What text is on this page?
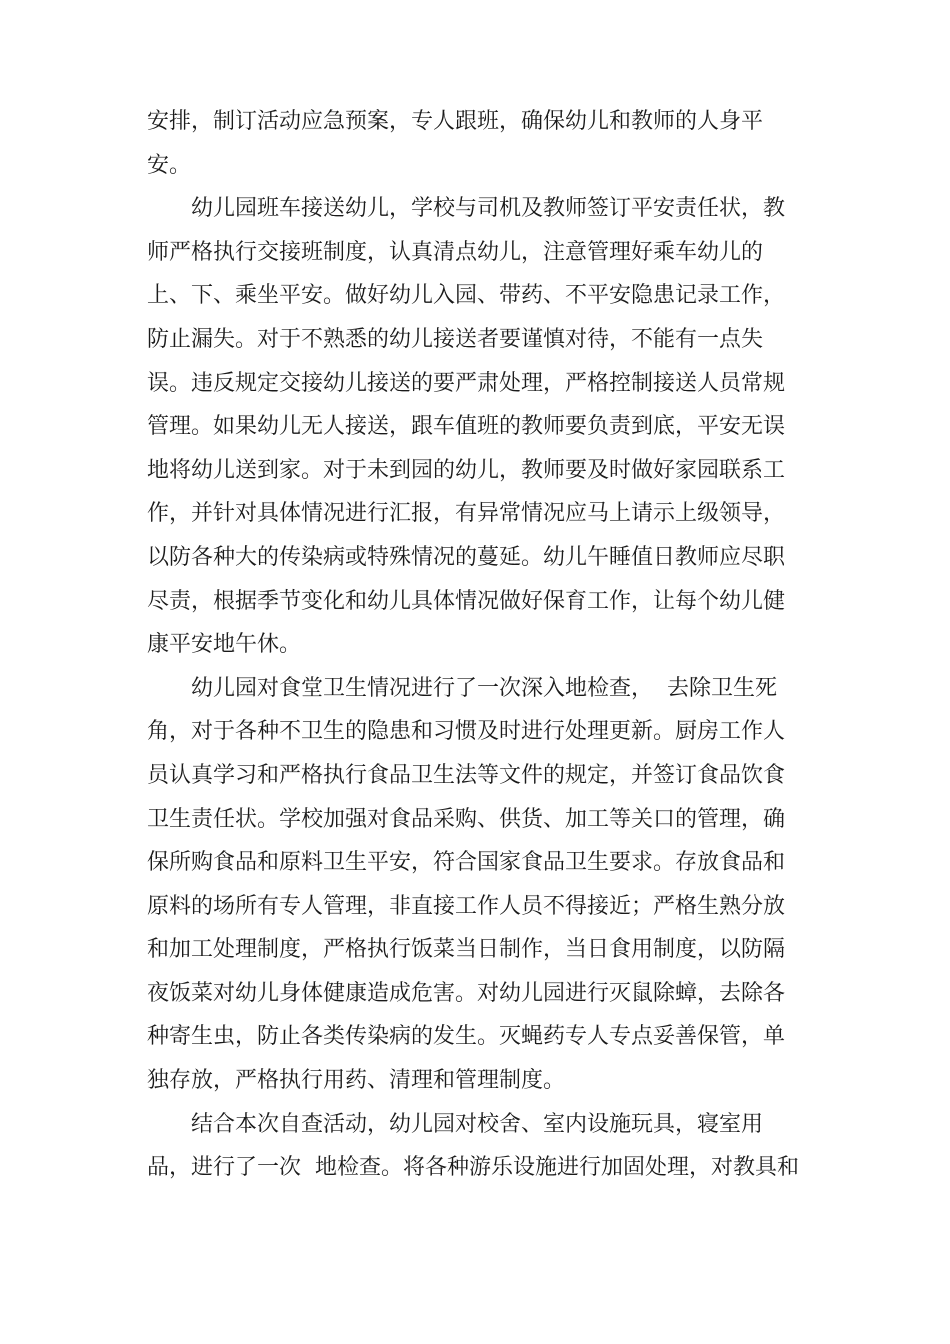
安排，制订活动应急预案，专人跟班，确保幼儿和教师的人身平
安。
幼儿园班车接送幼儿，学校与司机及教师签订平安责任状，教
师严格执行交接班制度，认真清点幼儿，注意管理好乘车幼儿的
上、下、乘坐平安。做好幼儿入园、带药、不平安隐患记录工作，
防止漏失。对于不熟悉的幼儿接送者要谨慎对待，不能有一点失
误。违反规定交接幼儿接送的要严肃处理，严格控制接送人员常规
管理。如果幼儿无人接送，跟车值班的教师要负责到底，平安无误
地将幼儿送到家。对于未到园的幼儿，教师要及时做好家园联系工
作，并针对具体情况进行汇报，有异常情况应马上请示上级领导，
以防各种大的传染病或特殊情况的蔓延。幼儿午睡值日教师应尽职
尽责，根据季节变化和幼儿具体情况做好保育工作，让每个幼儿健
康平安地午休。
幼儿园对食堂卫生情况进行了一次深入地检查，  去除卫生死
角，对于各种不卫生的隐患和习惯及时进行处理更新。厨房工作人
员认真学习和严格执行食品卫生法等文件的规定，并签订食品饮食
卫生责任状。学校加强对食品采购、供货、加工等关口的管理，确
保所购食品和原料卫生平安，符合国家食品卫生要求。存放食品和
原料的场所有专人管理，非直接工作人员不得接近；严格生熟分放
和加工处理制度，严格执行饭菜当日制作，当日食用制度，以防隔
夜饭菜对幼儿身体健康造成危害。对幼儿园进行灭鼠除蟑，去除各
种寄生虫，防止各类传染病的发生。灭蝇药专人专点妥善保管，单
独存放，严格执行用药、清理和管理制度。
结合本次自查活动，幼儿园对校舍、室内设施玩具，寝室用
品，进行了一次  地检查。将各种游乐设施进行加固处理，对教具和
